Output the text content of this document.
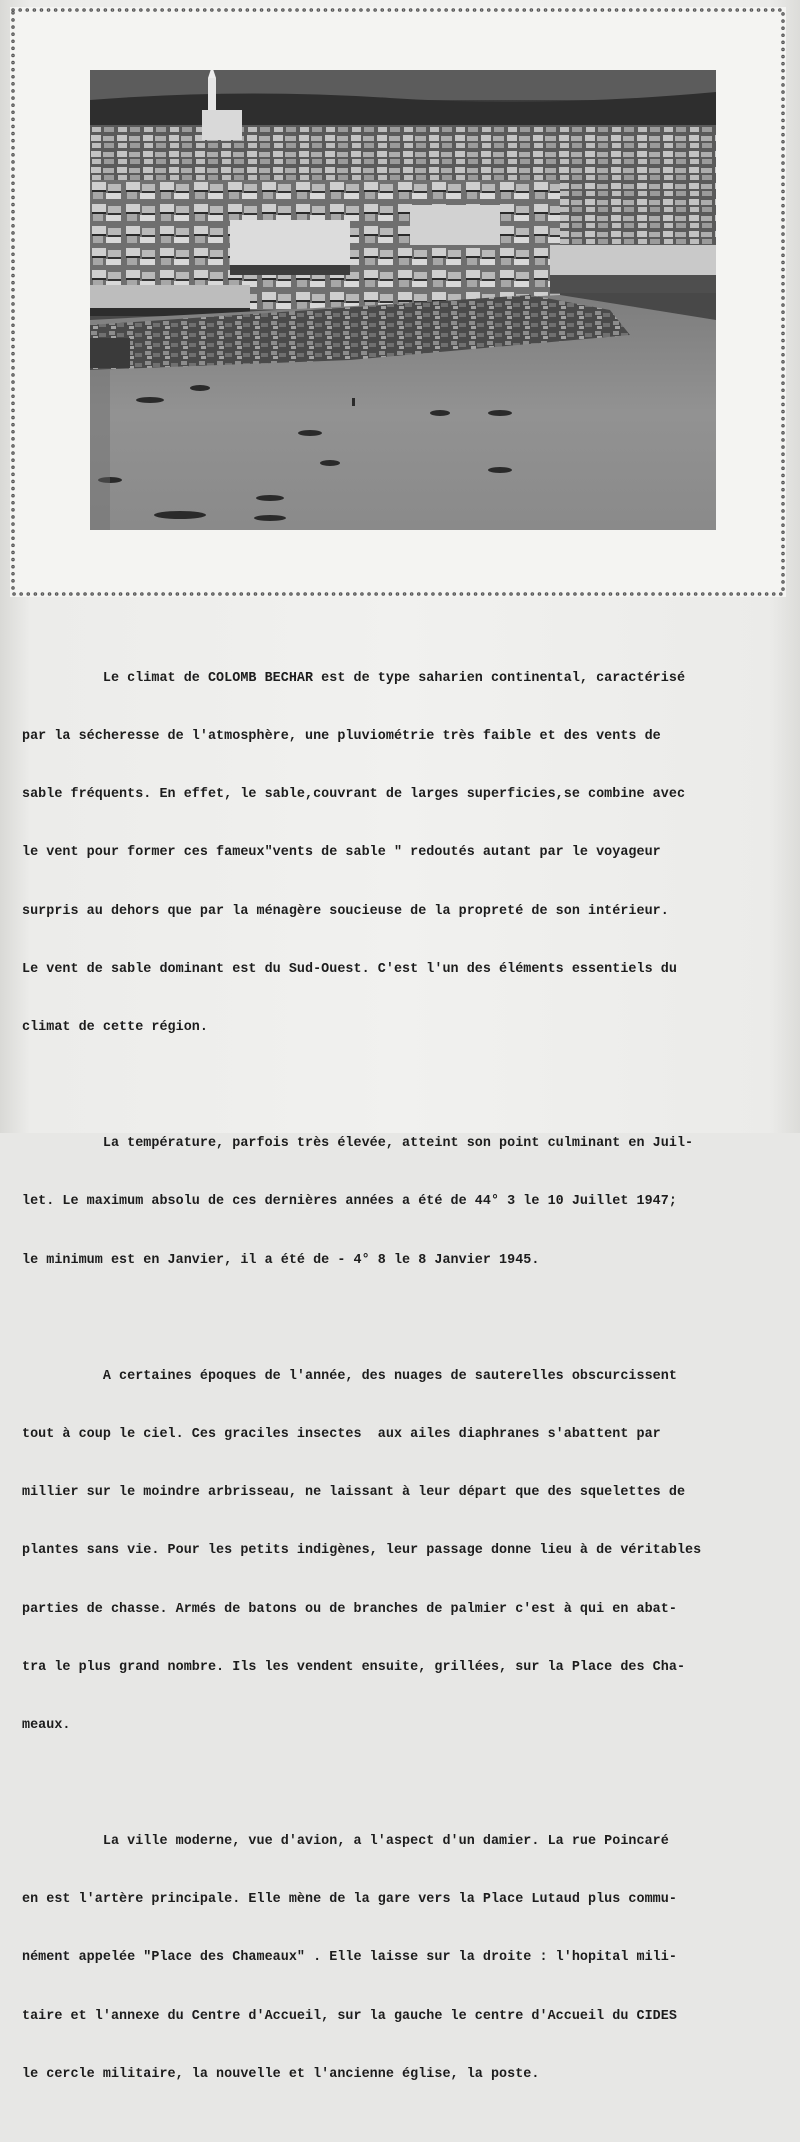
Le climat de COLOMB BECHAR est de type saharien continental, caractérisé

par la sécheresse de l'atmosphère, une pluviométrie très faible et des vents de

sable fréquents. En effet, le sable,couvrant de larges superficies,se combine avec

le vent pour former ces fameux"vents de sable " redoutés autant par le voyageur

surpris au dehors que par la ménagère soucieuse de la propreté de son intérieur.

Le vent de sable dominant est du Sud-Ouest. C'est l'un des éléments essentiels du

climat de cette région.

La température, parfois très élevée, atteint son point culminant en Juil-

let. Le maximum absolu de ces dernières années a été de 44° 3 le 10 Juillet 1947;

le minimum est en Janvier, il a été de - 4° 8 le 8 Janvier 1945.

A certaines époques de l'année, des nuages de sauterelles obscurcissent

tout à coup le ciel. Ces graciles insectes  aux ailes diaphranes s'abattent par

millier sur le moindre arbrisseau, ne laissant à leur départ que des squelettes de

plantes sans vie. Pour les petits indigènes, leur passage donne lieu à de véritables

parties de chasse. Armés de batons ou de branches de palmier c'est à qui en abat-

tra le plus grand nombre. Ils les vendent ensuite, grillées, sur la Place des Cha-

meaux.

La ville moderne, vue d'avion, a l'aspect d'un damier. La rue Poincaré

en est l'artère principale. Elle mène de la gare vers la Place Lutaud plus commu-

nément appelée "Place des Chameaux" . Elle laisse sur la droite : l'hopital mili-

taire et l'annexe du Centre d'Accueil, sur la gauche le centre d'Accueil du CIDES

le cercle militaire, la nouvelle et l'ancienne église, la poste.
